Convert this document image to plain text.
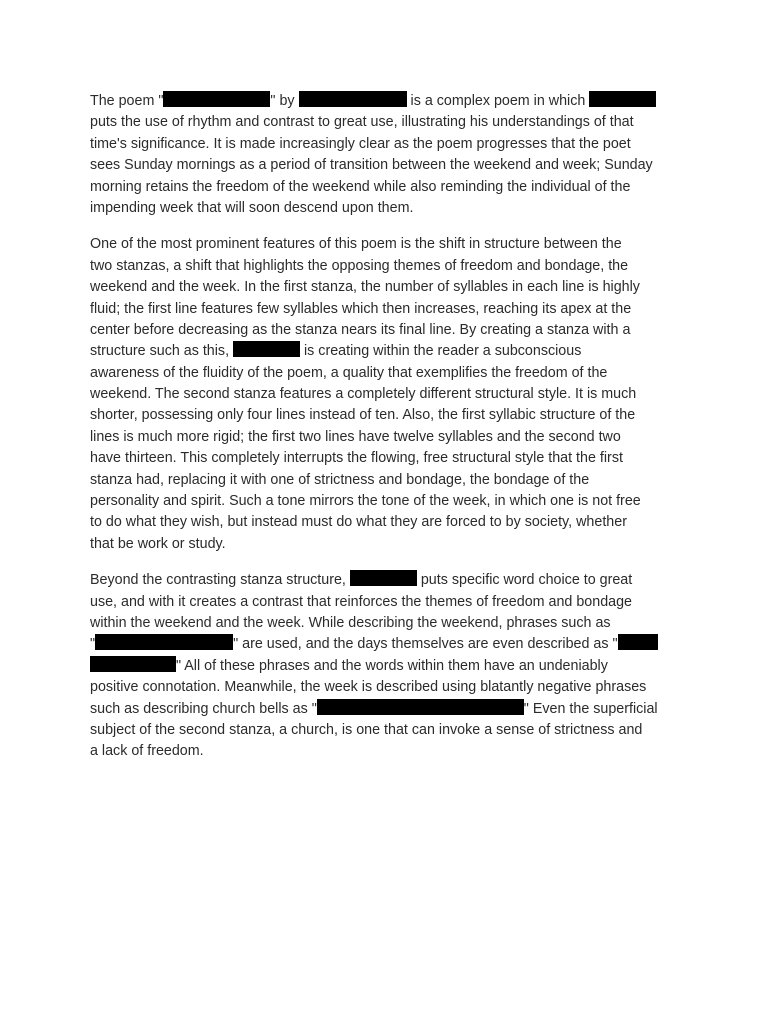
The poem "	" by	is a complex poem in which
puts the use of rhythm and contrast to great use, illustrating his understandings of that
time's significance. It is made increasingly clear as the poem progresses that the poet
sees Sunday mornings as a period of transition between the weekend and week; Sunday
morning retains the freedom of the weekend while also reminding the individual of the
impending week that will soon descend upon them.

One of the most prominent features of this poem is the shift in structure between the
two stanzas, a shift that highlights the opposing themes of freedom and bondage, the
weekend and the week. In the first stanza, the number of syllables in each line is highly
fluid; the first line features few syllables which then increases, reaching its apex at the
center before decreasing as the stanza nears its final line. By creating a stanza with a
structure such as this,	is creating within the reader a subconscious
awareness of the fluidity of the poem, a quality that exemplifies the freedom of the
weekend. The second stanza features a completely different structural style. It is much
shorter, possessing only four lines instead of ten. Also, the first syllabic structure of the
lines is much more rigid; the first two lines have twelve syllables and the second two
have thirteen. This completely interrupts the flowing, free structural style that the first
stanza had, replacing it with one of strictness and bondage, the bondage of the
personality and spirit. Such a tone mirrors the tone of the week, in which one is not free
to do what they wish, but instead must do what they are forced to by society, whether
that be work or study.

Beyond the contrasting stanza structure,	puts specific word choice to great
use, and with it creates a contrast that reinforces the themes of freedom and bondage
within the weekend and the week. While describing the weekend, phrases such as
"	" are used, and the days themselves are even described as "
" All of these phrases and the words within them have an undeniably
positive connotation. Meanwhile, the week is described using blatantly negative phrases
such as describing church bells as "	" Even the superficial
subject of the second stanza, a church, is one that can invoke a sense of strictness and
a lack of freedom.
